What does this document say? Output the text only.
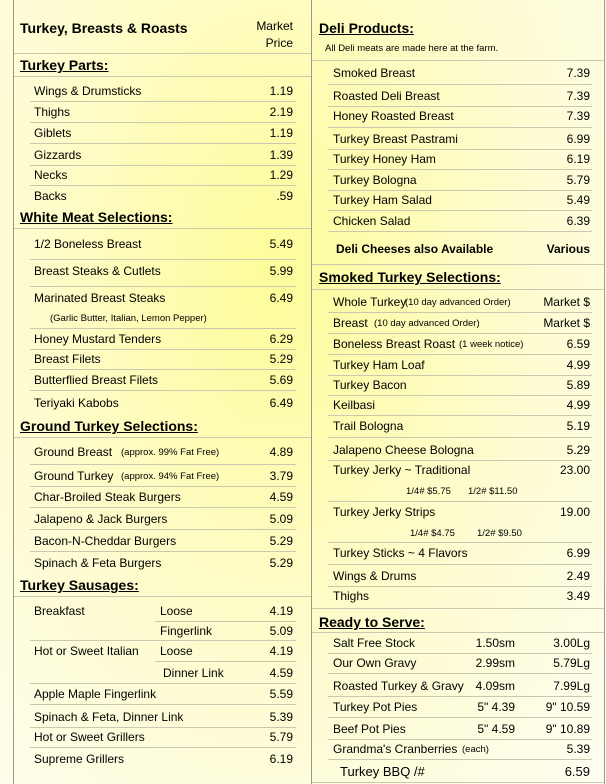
Turkey, Breasts & Roasts	Market
Price
Turkey Parts:
Wings & Drumsticks	1.19
Thighs	2.19
Giblets	1.19
Gizzards	1.39
Necks	1.29
Backs	.59
White Meat Selections:
1/2 Boneless Breast	5.49
Breast Steaks & Cutlets	5.99
Marinated Breast Steaks	6.49
(Garlic Butter, Italian, Lemon Pepper)
Honey Mustard Tenders	6.29
Breast Filets	5.29
Butterflied Breast Filets	5.69
Teriyaki Kabobs	6.49
Ground Turkey Selections:
Ground Breast (approx. 99% Fat Free)	4.89
Ground Turkey (approx. 94% Fat Free)	3.79
Char-Broiled Steak Burgers	4.59
Jalapeno & Jack Burgers	5.09
Bacon-N-Cheddar Burgers	5.29
Spinach & Feta Burgers	5.29
Turkey Sausages:
Breakfast	Loose	4.19
Fingerlink	5.09
Hot or Sweet Italian Loose	4.19
Dinner Link	4.59
Apple Maple Fingerlink	5.59
Spinach & Feta, Dinner Link	5.39
Hot or Sweet Grillers	5.79
Supreme Grillers	6.19
Deli Products:
All Deli meats are made here at the farm.
Smoked Breast	7.39
Roasted Deli Breast	7.39
Honey Roasted Breast	7.39
Turkey Breast Pastrami	6.99
Turkey Honey Ham	6.19
Turkey Bologna	5.79
Turkey Ham Salad	5.49
Chicken Salad	6.39
Deli Cheeses also Available	Various
Smoked Turkey Selections:
Whole Turkey
(10 day advanced Order)	Market $
Breast (10 day advanced Order)	Market $
Boneless Breast Roast (1 week notice)	6.59
Turkey Ham Loaf	4.99
Turkey Bacon	5.89
Keilbasi	4.99
Trail Bologna	5.19
Jalapeno Cheese Bologna	5.29
Turkey Jerky ~ Traditional	23.00
1/4# $5.75 1/2# $11.50
Turkey Jerky Strips	19.00
1/4# $4.75 1/2# $9.50
Turkey Sticks ~ 4 Flavors	6.99
Wings & Drums	2.49
Thighs	3.49
Ready to Serve:
Salt Free Stock	1.50sm	3.00Lg
Our Own Gravy	2.99sm	5.79Lg
Roasted Turkey & Gravy 4.09sm	7.99Lg
Turkey Pot Pies	5" 4.39	9" 10.59
Beef Pot Pies	5" 4.59	9" 10.89
Grandma's Cranberries (each)	5.39
Turkey BBQ /#	6.59
